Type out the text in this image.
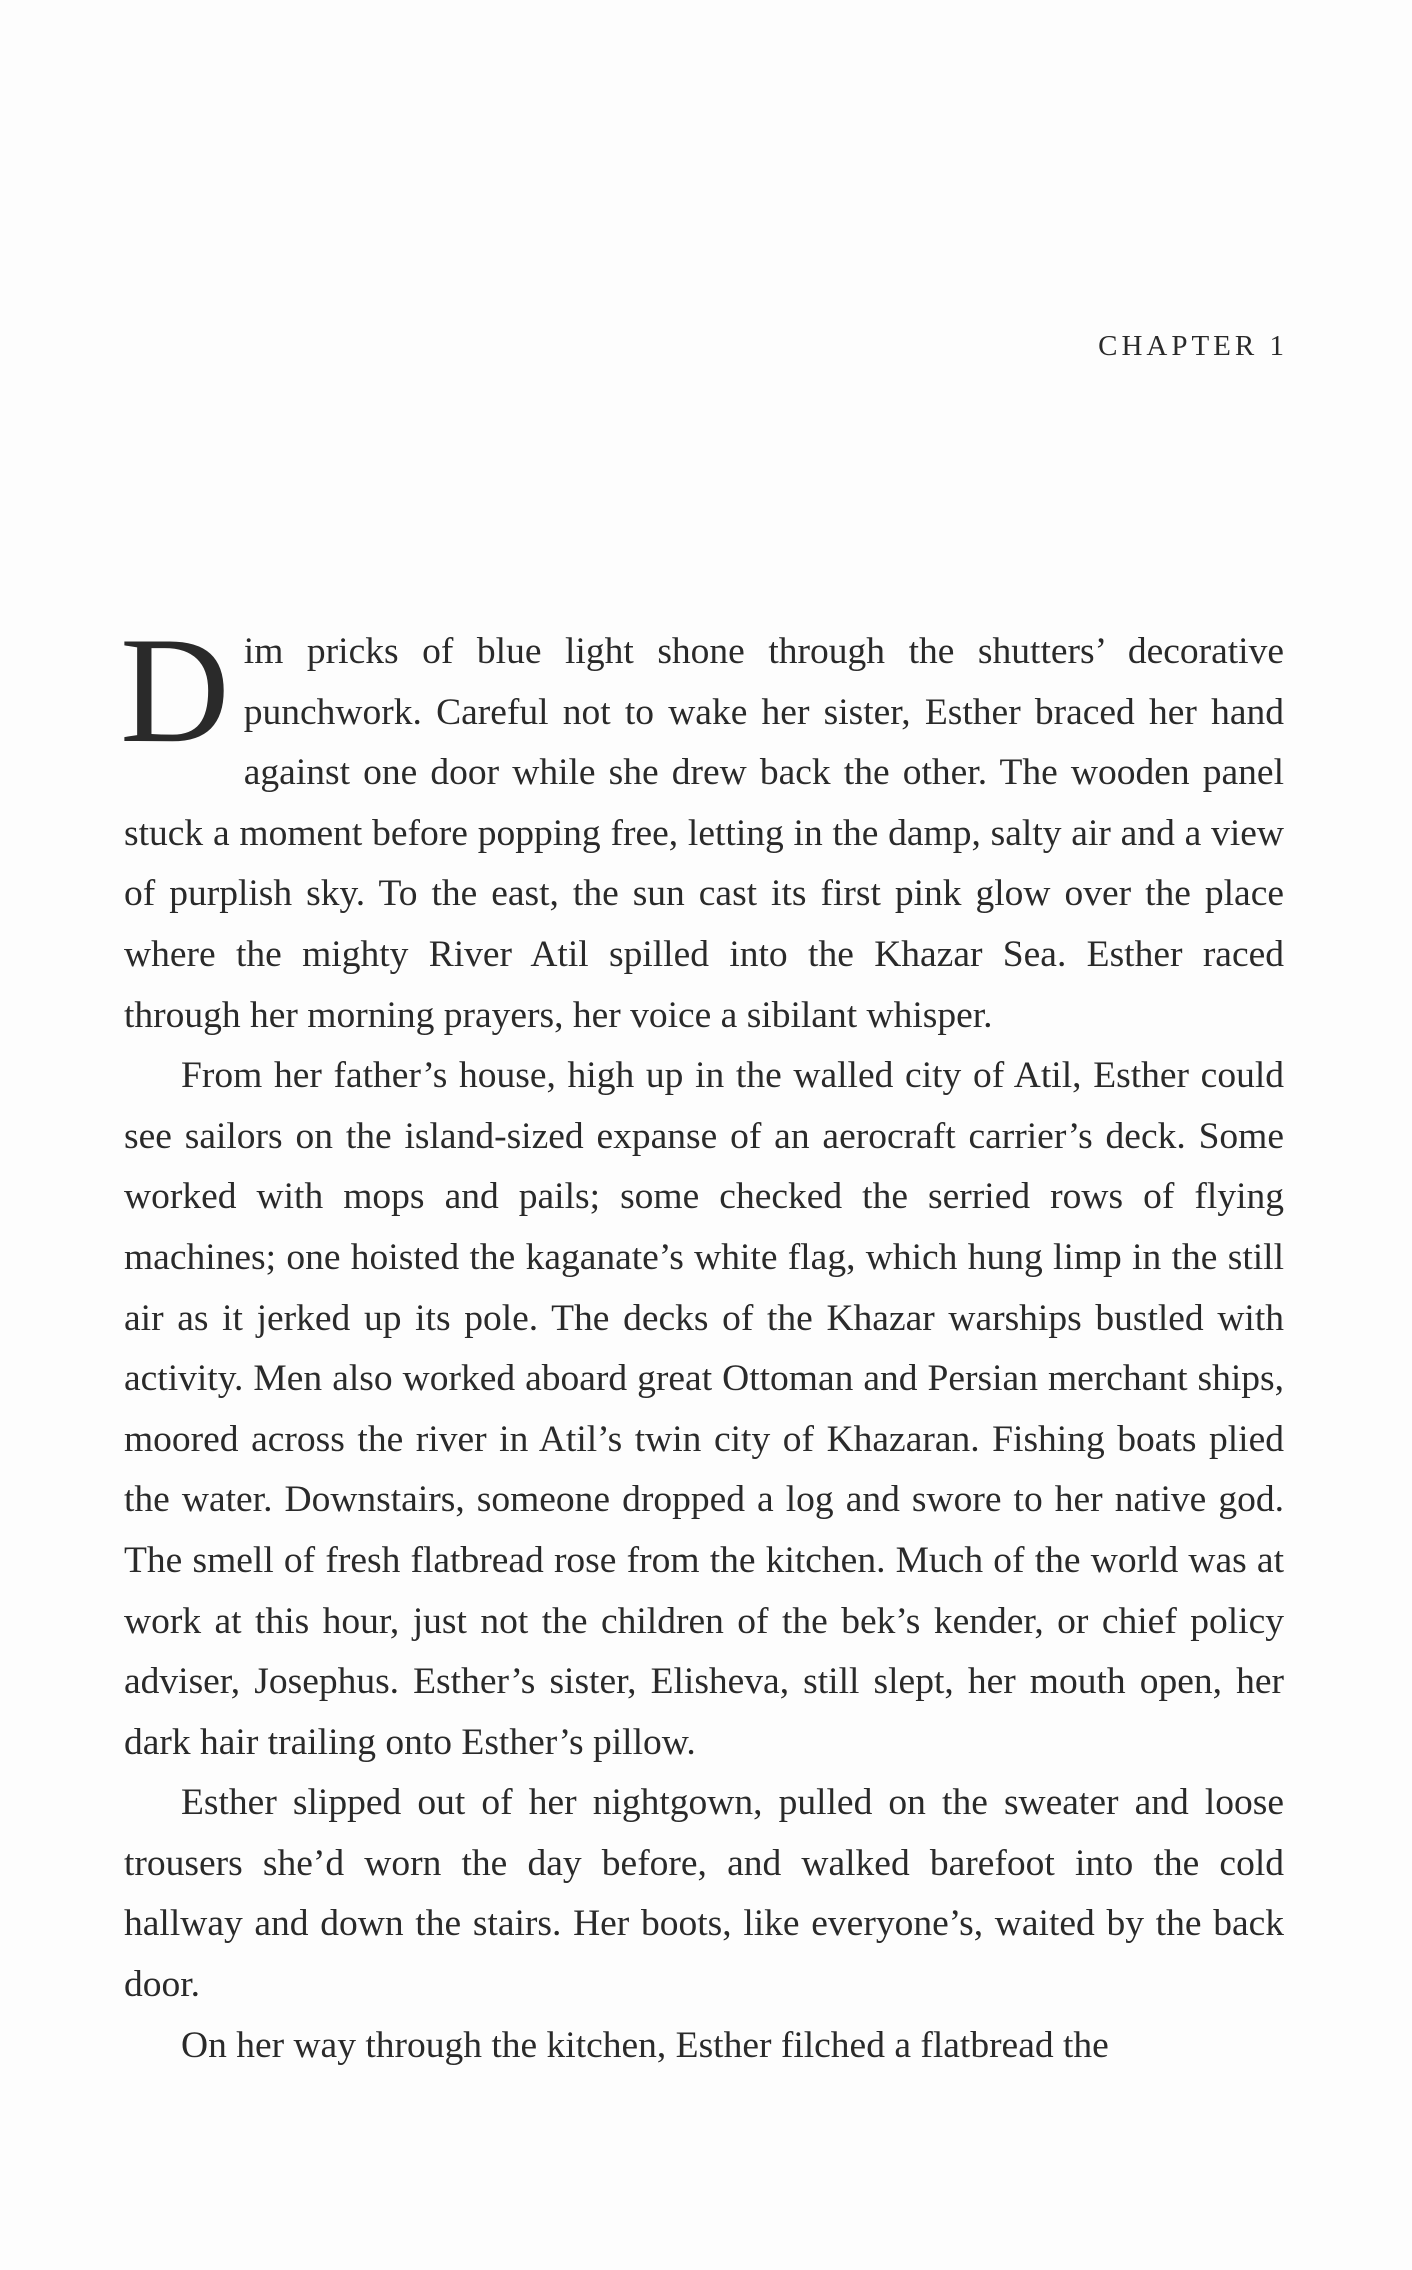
CHAPTER 1

Dim pricks of blue light shone through the shutters’ decorative punchwork. Careful not to wake her sister, Esther braced her hand against one door while she drew back the other. The wooden panel stuck a moment before popping free, letting in the damp, salty air and a view of purplish sky. To the east, the sun cast its first pink glow over the place where the mighty River Atil spilled into the Khazar Sea. Esther raced through her morning prayers, her voice a sibilant whisper.

From her father’s house, high up in the walled city of Atil, Esther could see sailors on the island-sized expanse of an aerocraft carrier’s deck. Some worked with mops and pails; some checked the serried rows of flying machines; one hoisted the kaganate’s white flag, which hung limp in the still air as it jerked up its pole. The decks of the Khazar warships bustled with activity. Men also worked aboard great Ottoman and Persian merchant ships, moored across the river in Atil’s twin city of Khazaran. Fishing boats plied the water. Downstairs, someone dropped a log and swore to her native god. The smell of fresh flatbread rose from the kitchen. Much of the world was at work at this hour, just not the children of the bek’s kender, or chief policy adviser, Josephus. Esther’s sister, Elisheva, still slept, her mouth open, her dark hair trailing onto Esther’s pillow.

Esther slipped out of her nightgown, pulled on the sweater and loose trousers she’d worn the day before, and walked barefoot into the cold hallway and down the stairs. Her boots, like everyone’s, waited by the back door.

On her way through the kitchen, Esther filched a flatbread the
